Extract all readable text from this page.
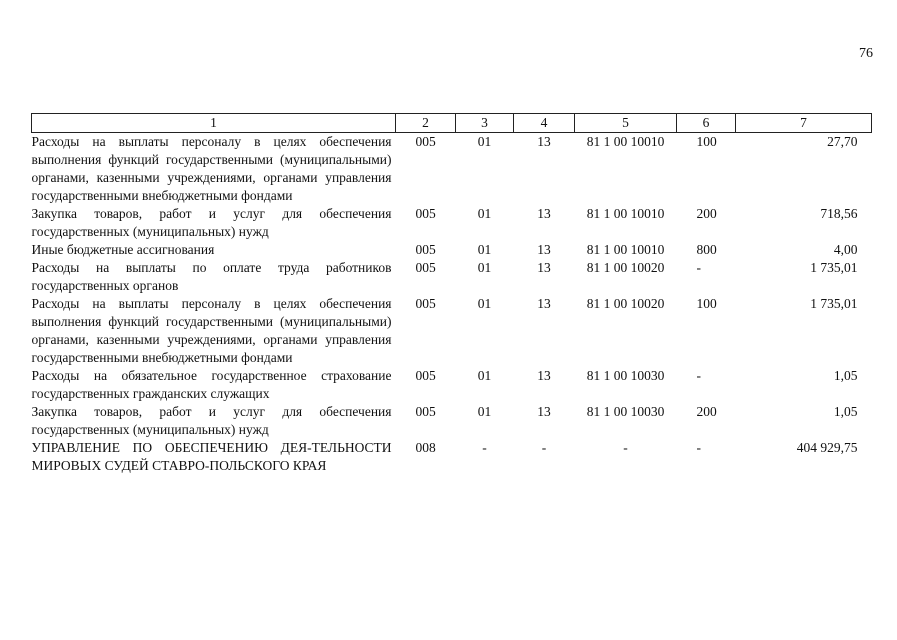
76
1	2	3	4	5	6	7
Расходы на выплаты персоналу в целях обеспечения выполнения функций государственными (муниципальными) органами, казенными учреждениями, органами управления государственными внебюджетными фондами	005	01	13	81 1 00 10010	100	27,70
Закупка товаров, работ и услуг для обеспечения государственных (муниципальных) нужд	005	01	13	81 1 00 10010	200	718,56
Иные бюджетные ассигнования	005	01	13	81 1 00 10010	800	4,00
Расходы на выплаты по оплате труда работников государственных органов	005	01	13	81 1 00 10020	-	1 735,01
Расходы на выплаты персоналу в целях обеспечения выполнения функций государственными (муниципальными) органами, казенными учреждениями, органами управления государственными внебюджетными фондами	005	01	13	81 1 00 10020	100	1 735,01
Расходы на обязательное государственное страхование государственных гражданских служащих	005	01	13	81 1 00 10030	-	1,05
Закупка товаров, работ и услуг для обеспечения государственных (муниципальных) нужд	005	01	13	81 1 00 10030	200	1,05
УПРАВЛЕНИЕ ПО ОБЕСПЕЧЕНИЮ ДЕЯ-ТЕЛЬНОСТИ МИРОВЫХ СУДЕЙ СТАВРО-ПОЛЬСКОГО КРАЯ	008	-	-	-	-	404 929,75
